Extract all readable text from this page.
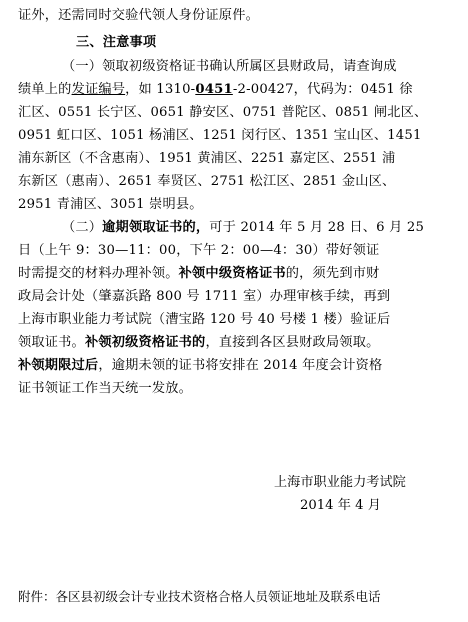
证外，还需同时交验代领人身份证原件。
三、注意事项
（一）领取初级资格证书确认所属区县财政局，请查询成
绩单上的发证编号，如 1310-0451-2-00427，代码为：0451 徐
汇区、0551 长宁区、0651 静安区、0751 普陀区、0851 闸北区、
0951 虹口区、1051 杨浦区、1251 闵行区、1351 宝山区、1451
浦东新区（不含惠南）、1951 黄浦区、2251 嘉定区、2551 浦
东新区（惠南）、2651 奉贤区、2751 松江区、2851 金山区、
2951 青浦区、3051 崇明县。
（二）逾期领取证书的，可于 2014 年 5 月 28 日、6 月 25
日（上午 9：30—11：00，下午 2：00—4：30）带好领证
时需提交的材料办理补领。补领中级资格证书的，须先到市财
政局会计处（肇嘉浜路 800 号 1711 室）办理审核手续，再到
上海市职业能力考试院（漕宝路 120 号 40 号楼 1 楼）验证后
领取证书。补领初级资格证书的，直接到各区县财政局领取。
补领期限过后，逾期未领的证书将安排在 2014 年度会计资格
证书领证工作当天统一发放。
上海市职业能力考试院
2014 年 4 月
附件：各区县初级会计专业技术资格合格人员领证地址及联系电话
